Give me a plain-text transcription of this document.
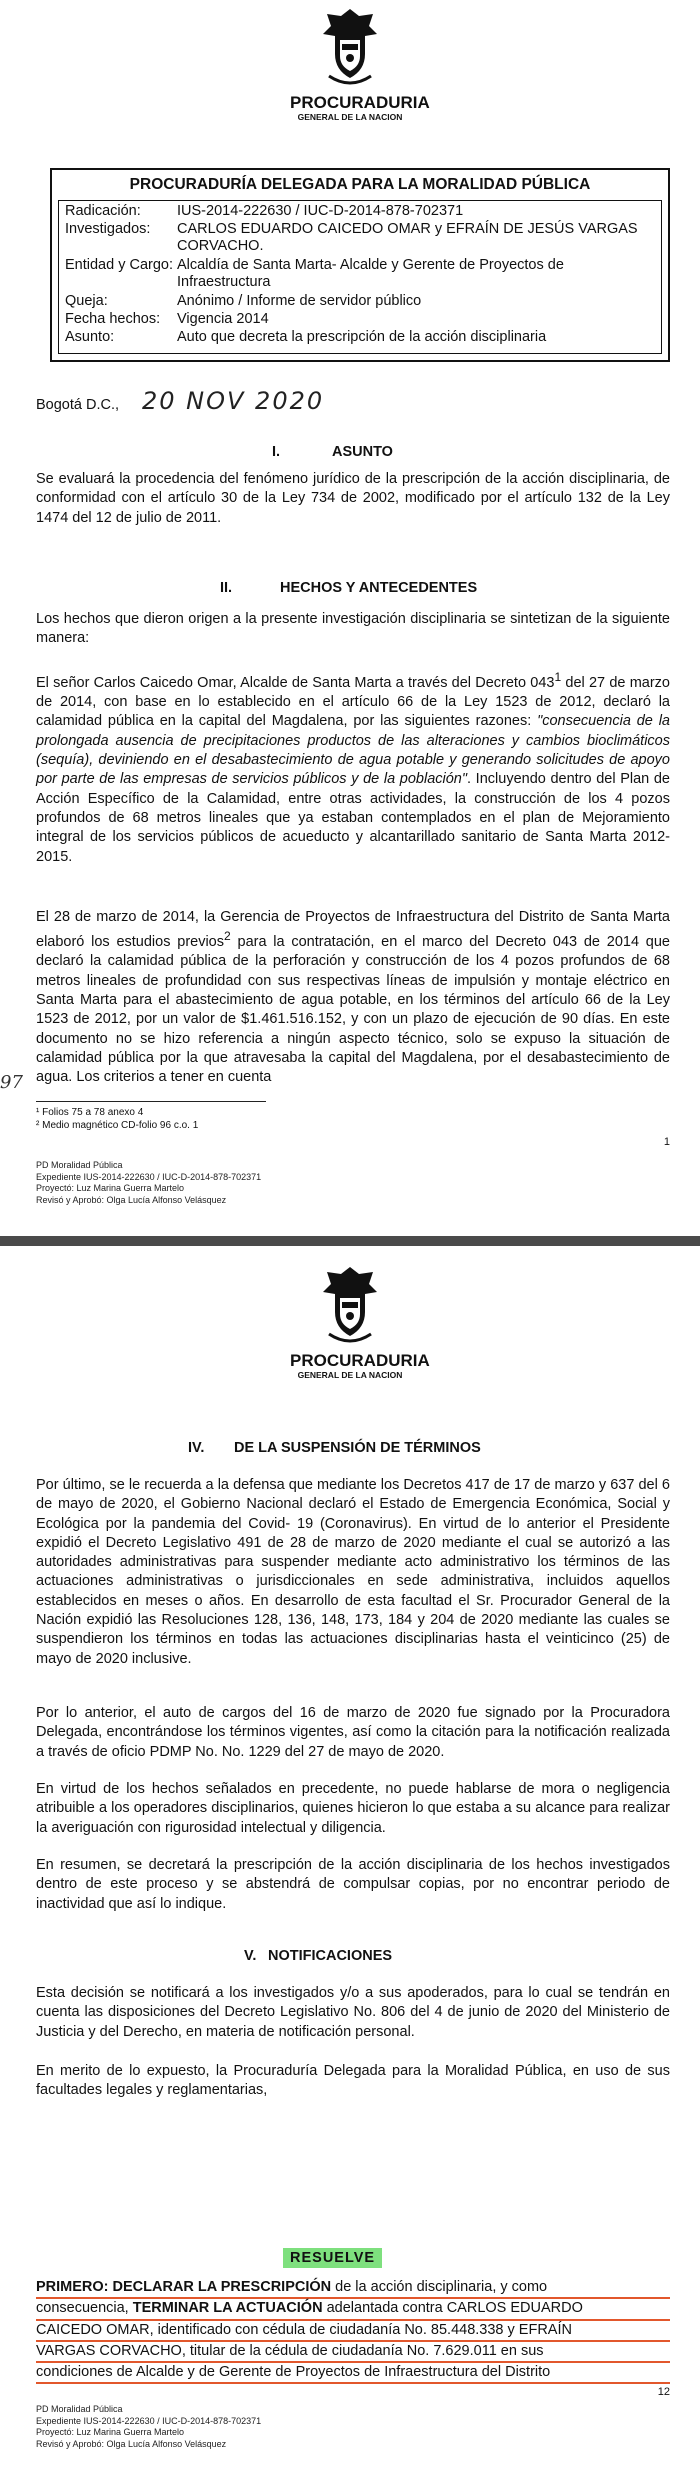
PROCURADURIA
GENERAL DE LA NACION
PROCURADURÍA DELEGADA PARA LA MORALIDAD PÚBLICA
Radicación:	IUS-2014-222630 / IUC-D-2014-878-702371
Investigados:	CARLOS EDUARDO CAICEDO OMAR y EFRAÍN DE JESÚS VARGAS CORVACHO.
Entidad y Cargo: Alcaldía de Santa Marta- Alcalde y Gerente de Proyectos de Infraestructura
Queja:	Anónimo / Informe de servidor público
Fecha hechos:	Vigencia 2014
Asunto:	Auto que decreta la prescripción de la acción disciplinaria
Bogotá D.C., 20 NOV 2020
I.	ASUNTO
Se evaluará la procedencia del fenómeno jurídico de la prescripción de la acción disciplinaria, de conformidad con el artículo 30 de la Ley 734 de 2002, modificado por el artículo 132 de la Ley 1474 del 12 de julio de 2011.
II.	HECHOS Y ANTECEDENTES
Los hechos que dieron origen a la presente investigación disciplinaria se sintetizan de la siguiente manera:
El señor Carlos Caicedo Omar, Alcalde de Santa Marta a través del Decreto $043^1$ del 27 de marzo de 2014, con base en lo establecido en el artículo 66 de la Ley 1523 de 2012, declaró la calamidad pública en la capital del Magdalena, por las siguientes razones: "consecuencia de la prolongada ausencia de precipitaciones productos de las alteraciones y cambios bioclimáticos (sequía), deviniendo en el desabastecimiento de agua potable y generando solicitudes de apoyo por parte de las empresas de servicios públicos y de la población". Incluyendo dentro del Plan de Acción Específico de la Calamidad, entre otras actividades, la construcción de los 4 pozos profundos de 68 metros lineales que ya estaban contemplados en el plan de Mejoramiento integral de los servicios públicos de acueducto y alcantarillado sanitario de Santa Marta 2012-2015.
El 28 de marzo de 2014, la Gerencia de Proyectos de Infraestructura del Distrito de Santa Marta elaboró los estudios previos$^2$ para la contratación, en el marco del Decreto 043 de 2014 que declaró la calamidad pública de la perforación y construcción de los 4 pozos profundos de 68 metros lineales de profundidad con sus respectivas líneas de impulsión y montaje eléctrico en Santa Marta para el abastecimiento de agua potable, en los términos del artículo 66 de la Ley 1523 de 2012, por un valor de $1.461.516.152, y con un plazo de ejecución de 90 días. En este documento no se hizo referencia a ningún aspecto técnico, solo se expuso la situación de calamidad pública por la que atravesaba la capital del Magdalena, por el desabastecimiento de agua. Los criterios a tener en cuenta
97
¹ Folios 75 a 78 anexo 4
² Medio magnético CD-folio 96 c.o. 1
1
PD Moralidad Pública
Expediente IUS-2014-222630 / IUC-D-2014-878-702371
Proyectó: Luz Marina Guerra Martelo
Revisó y Aprobó: Olga Lucía Alfonso Velásquez
PROCURADURIA
GENERAL DE LA NACION
IV. DE LA SUSPENSIÓN DE TÉRMINOS
Por último, se le recuerda a la defensa que mediante los Decretos 417 de 17 de marzo y 637 del 6 de mayo de 2020, el Gobierno Nacional declaró el Estado de Emergencia Económica, Social y Ecológica por la pandemia del Covid- 19 (Coronavirus). En virtud de lo anterior el Presidente expidió el Decreto Legislativo 491 de 28 de marzo de 2020 mediante el cual se autorizó a las autoridades administrativas para suspender mediante acto administrativo los términos de las actuaciones administrativas o jurisdiccionales en sede administrativa, incluidos aquellos establecidos en meses o años. En desarrollo de esta facultad el Sr. Procurador General de la Nación expidió las Resoluciones 128, 136, 148, 173, 184 y 204 de 2020 mediante las cuales se suspendieron los términos en todas las actuaciones disciplinarias hasta el veinticinco (25) de mayo de 2020 inclusive.
Por lo anterior, el auto de cargos del 16 de marzo de 2020 fue signado por la Procuradora Delegada, encontrándose los términos vigentes, así como la citación para la notificación realizada a través de oficio PDMP No. No. 1229 del 27 de mayo de 2020.
En virtud de los hechos señalados en precedente, no puede hablarse de mora o negligencia atribuible a los operadores disciplinarios, quienes hicieron lo que estaba a su alcance para realizar la averiguación con rigurosidad intelectual y diligencia.
En resumen, se decretará la prescripción de la acción disciplinaria de los hechos investigados dentro de este proceso y se abstendrá de compulsar copias, por no encontrar periodo de inactividad que así lo indique.
V. NOTIFICACIONES
Esta decisión se notificará a los investigados y/o a sus apoderados, para lo cual se tendrán en cuenta las disposiciones del Decreto Legislativo No. 806 del 4 de junio de 2020 del Ministerio de Justicia y del Derecho, en materia de notificación personal.
En merito de lo expuesto, la Procuraduría Delegada para la Moralidad Pública, en uso de sus facultades legales y reglamentarias,
12
PD Moralidad Pública
Expediente IUS-2014-222630 / IUC-D-2014-878-702371
Proyectó: Luz Marina Guerra Martelo
Revisó y Aprobó: Olga Lucía Alfonso Velásquez
RESUELVE
PRIMERO: DECLARAR LA PRESCRIPCIÓN de la acción disciplinaria, y como
consecuencia, TERMINAR LA ACTUACIÓN adelantada contra CARLOS EDUARDO
CAICEDO OMAR, identificado con cédula de ciudadanía No. 85.448.338 y EFRAÍN
VARGAS CORVACHO, titular de la cédula de ciudadanía No. 7.629.011 en sus
condiciones de Alcalde y de Gerente de Proyectos de Infraestructura del Distrito
